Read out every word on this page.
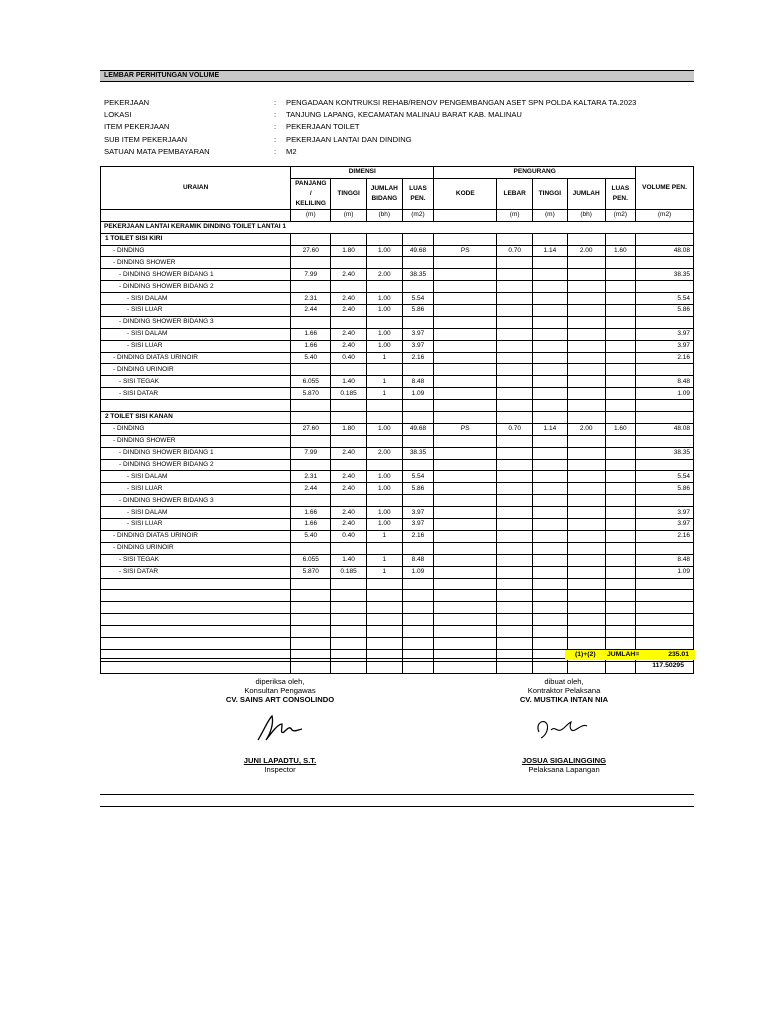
LEMBAR PERHITUNGAN VOLUME
PEKERJAAN	:	PENGADAAN KONTRUKSI REHAB/RENOV PENGEMBANGAN ASET SPN POLDA KALTARA TA.2023
LOKASI	:	TANJUNG LAPANG, KECAMATAN MALINAU BARAT KAB. MALINAU
ITEM PEKERJAAN	:	PEKERJAAN TOILET
SUB ITEM PEKERJAAN	:	PEKERJAAN LANTAI DAN DINDING
SATUAN MATA PEMBAYARAN	:	M2
URAIAN	DIMENSI				PENGURANG					VOLUME PEN.
	PANJANG / KELILING	TINGGI	JUMLAH BIDANG	LUAS PEN.	KODE	LEBAR	TINGGI	JUMLAH	LUAS PEN.	
	(m)	(m)	(bh)	(m2)		(m)	(m)	(bh)	(m2)	(m2)
PEKERJAAN LANTAI KERAMIK DINDING TOILET LANTAI 1										
1 TOILET SISI KIRI										
- DINDING	27.60	1.80	1.00	49.68	PS	0.70	1.14	2.00	1.60	48.08
- DINDING SHOWER										
- DINDING SHOWER BIDANG 1	7.99	2.40	2.00	38.35						38.35
- DINDING SHOWER BIDANG 2										
- SISI DALAM	2.31	2.40	1.00	5.54						5.54
- SISI LUAR	2.44	2.40	1.00	5.86						5.86
- DINDING SHOWER BIDANG 3										
- SISI DALAM	1.66	2.40	1.00	3.97						3.97
- SISI LUAR	1.66	2.40	1.00	3.97						3.97
- DINDING DIATAS URINOIR	5.40	0.40	1	2.16						2.16
- DINDING URINOIR										
- SISI TEGAK	6.055	1.40	1	8.48						8.48
- SISI DATAR	5.870	0.185	1	1.09						1.09

2 TOILET SISI KANAN										
- DINDING	27.60	1.80	1.00	49.68	PS	0.70	1.14	2.00	1.60	48.08
- DINDING SHOWER										
- DINDING SHOWER BIDANG 1	7.99	2.40	2.00	38.35						38.35
- DINDING SHOWER BIDANG 2										
- SISI DALAM	2.31	2.40	1.00	5.54						5.54
- SISI LUAR	2.44	2.40	1.00	5.86						5.86
- DINDING SHOWER BIDANG 3										
- SISI DALAM	1.66	2.40	1.00	3.97						3.97
- SISI LUAR	1.66	2.40	1.00	3.97						3.97
- DINDING DIATAS URINOIR	5.40	0.40	1	2.16						2.16
- DINDING URINOIR										
- SISI TEGAK	6.055	1.40	1	8.48						8.48
- SISI DATAR	5.870	0.185	1	1.09						1.09

(1)+(2) JUMLAH=	235.01
117.50295
diperiksa oleh,
Konsultan Pengawas
CV. SAINS ART CONSOLINDO
JUNI LAPADTU, S.T.
Inspector
dibuat oleh,
Kontraktor Pelaksana
CV. MUSTIKA INTAN NIA
JOSUA SIGALINGGING
Pelaksana Lapangan
